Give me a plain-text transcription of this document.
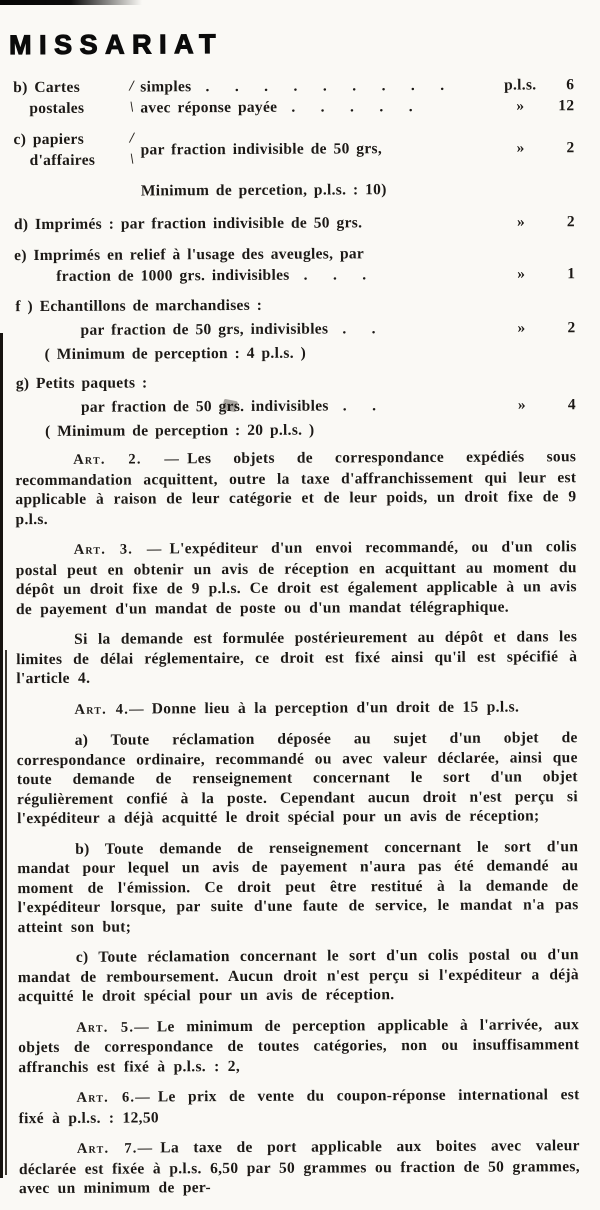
MISSARIAT
b) Cartes
postales
/
\
simples . . . . . . . . .	p.l.s.	6
avec réponse payée . . . . .	»	12
c) papiers
d'affaires
/
\
par fraction indivisible de 50 grs,	»	2
Minimum de percetion, p.l.s. : 10)
d) Imprimés : par fraction indivisible de 50 grs.	»	2
e) Imprimés en relief à l'usage des aveugles, par
fraction de 1000 grs. indivisibles . . .	»	1
f ) Echantillons de marchandises :
par fraction de 50 grs, indivisibles . .	»	2
( Minimum de perception : 4 p.l.s. )
g) Petits paquets :
par fraction de 50 grs. indivisibles . .	»	4
( Minimum de perception : 20 p.l.s. )

Art. 2. — Les objets de correspondance expédiés sous recommandation acquittent, outre la taxe d'affranchissement qui leur est applicable à raison de leur catégorie et de leur poids, un droit fixe de 9 p.l.s.

Art. 3. — L'expéditeur d'un envoi recommandé, ou d'un colis postal peut en obtenir un avis de réception en acquittant au moment du dépôt un droit fixe de 9 p.l.s. Ce droit est également applicable à un avis de payement d'un mandat de poste ou d'un mandat télégraphique.

Si la demande est formulée postérieurement au dépôt et dans les limites de délai réglementaire, ce droit est fixé ainsi qu'il est spécifié à l'article 4.

Art. 4.— Donne lieu à la perception d'un droit de 15 p.l.s.

a) Toute réclamation déposée au sujet d'un objet de correspondance ordinaire, recommandé ou avec valeur déclarée, ainsi que toute demande de renseignement concernant le sort d'un objet régulièrement confié à la poste. Cependant aucun droit n'est perçu si l'expéditeur a déjà acquitté le droit spécial pour un avis de réception;

b) Toute demande de renseignement concernant le sort d'un mandat pour lequel un avis de payement n'aura pas été demandé au moment de l'émission. Ce droit peut être restitué à la demande de l'expéditeur lorsque, par suite d'une faute de service, le mandat n'a pas atteint son but;

c) Toute réclamation concernant le sort d'un colis postal ou d'un mandat de remboursement. Aucun droit n'est perçu si l'expéditeur a déjà acquitté le droit spécial pour un avis de réception.

Art. 5.— Le minimum de perception applicable à l'arrivée, aux objets de correspondance de toutes catégories, non ou insuffisamment affranchis est fixé à p.l.s. : 2,

Art. 6.— Le prix de vente du coupon-réponse international est fixé à p.l.s. : 12,50

Art. 7.— La taxe de port applicable aux boites avec valeur déclarée est fixée à p.l.s. 6,50 par 50 grammes ou fraction de 50 grammes, avec un minimum de per-
